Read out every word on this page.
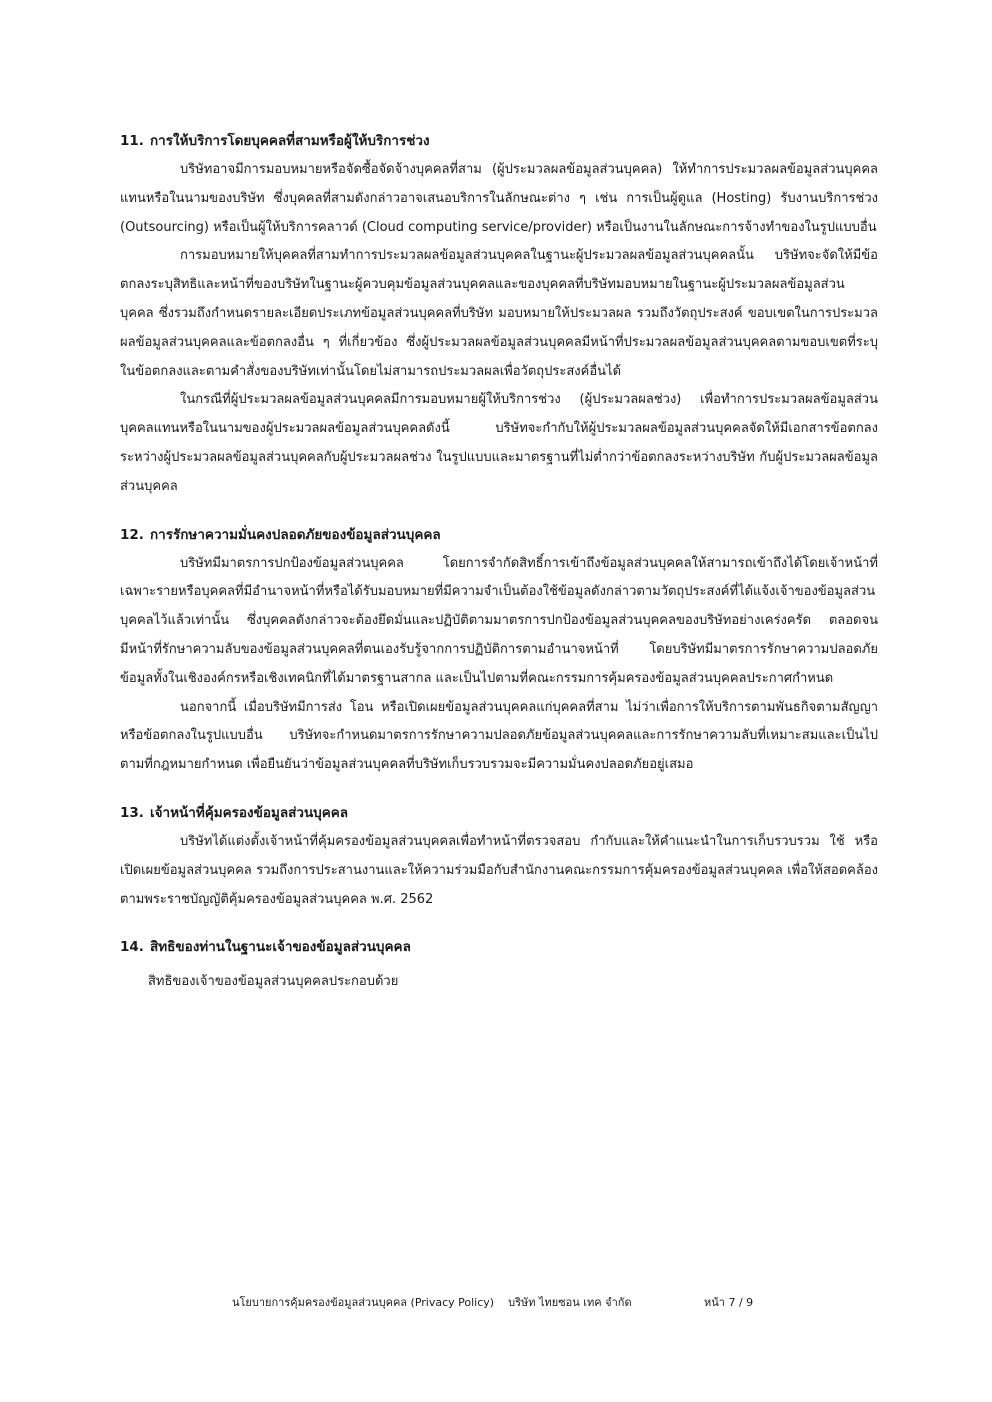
11. การให้บริการโดยบุคคลที่สามหรือผู้ให้บริการช่วง

บริษัทอาจมีการมอบหมายหรือจัดซื้อจัดจ้างบุคคลที่สาม (ผู้ประมวลผลข้อมูลส่วนบุคคล) ให้ทำการประมวลผลข้อมูลส่วนบุคคลแทนหรือในนามของบริษัท ซึ่งบุคคลที่สามดังกล่าวอาจเสนอบริการในลักษณะต่าง ๆ เช่น การเป็นผู้ดูแล (Hosting) รับงานบริการช่วง (Outsourcing) หรือเป็นผู้ให้บริการคลาวด์ (Cloud computing service/provider) หรือเป็นงานในลักษณะการจ้างทำของในรูปแบบอื่น

การมอบหมายให้บุคคลที่สามทำการประมวลผลข้อมูลส่วนบุคคลในฐานะผู้ประมวลผลข้อมูลส่วนบุคคลนั้น บริษัทจะจัดให้มีข้อตกลงระบุสิทธิและหน้าที่ของบริษัทในฐานะผู้ควบคุมข้อมูลส่วนบุคคลและของบุคคลที่บริษัทมอบหมายในฐานะผู้ประมวลผลข้อมูลส่วนบุคคล ซึ่งรวมถึงกำหนดรายละเอียดประเภทข้อมูลส่วนบุคคลที่บริษัท มอบหมายให้ประมวลผล รวมถึงวัตถุประสงค์ ขอบเขตในการประมวลผลข้อมูลส่วนบุคคลและข้อตกลงอื่น ๆ ที่เกี่ยวข้อง ซึ่งผู้ประมวลผลข้อมูลส่วนบุคคลมีหน้าที่ประมวลผลข้อมูลส่วนบุคคลตามขอบเขตที่ระบุในข้อตกลงและตามคำสั่งของบริษัทเท่านั้นโดยไม่สามารถประมวลผลเพื่อวัตถุประสงค์อื่นได้

ในกรณีที่ผู้ประมวลผลข้อมูลส่วนบุคคลมีการมอบหมายผู้ให้บริการช่วง (ผู้ประมวลผลช่วง) เพื่อทำการประมวลผลข้อมูลส่วนบุคคลแทนหรือในนามของผู้ประมวลผลข้อมูลส่วนบุคคลดังนี้ บริษัทจะกำกับให้ผู้ประมวลผลข้อมูลส่วนบุคคลจัดให้มีเอกสารข้อตกลงระหว่างผู้ประมวลผลข้อมูลส่วนบุคคลกับผู้ประมวลผลช่วง ในรูปแบบและมาตรฐานที่ไม่ต่ำกว่าข้อตกลงระหว่างบริษัท กับผู้ประมวลผลข้อมูลส่วนบุคคล

12. การรักษาความมั่นคงปลอดภัยของข้อมูลส่วนบุคคล

บริษัทมีมาตรการปกป้องข้อมูลส่วนบุคคล โดยการจำกัดสิทธิ์การเข้าถึงข้อมูลส่วนบุคคลให้สามารถเข้าถึงได้โดยเจ้าหน้าที่เฉพาะรายหรือบุคคลที่มีอำนาจหน้าที่หรือได้รับมอบหมายที่มีความจำเป็นต้องใช้ข้อมูลดังกล่าวตามวัตถุประสงค์ที่ได้แจ้งเจ้าของข้อมูลส่วนบุคคลไว้แล้วเท่านั้น ซึ่งบุคคลดังกล่าวจะต้องยึดมั่นและปฏิบัติตามมาตรการปกป้องข้อมูลส่วนบุคคลของบริษัทอย่างเคร่งครัด ตลอดจนมีหน้าที่รักษาความลับของข้อมูลส่วนบุคคลที่ตนเองรับรู้จากการปฏิบัติการตามอำนาจหน้าที่ โดยบริษัทมีมาตรการรักษาความปลอดภัยข้อมูลทั้งในเชิงองค์กรหรือเชิงเทคนิกที่ได้มาตรฐานสากล และเป็นไปตามที่คณะกรรมการคุ้มครองข้อมูลส่วนบุคคลประกาศกำหนด

นอกจากนี้ เมื่อบริษัทมีการส่ง โอน หรือเปิดเผยข้อมูลส่วนบุคคลแก่บุคคลที่สาม ไม่ว่าเพื่อการให้บริการตามพันธกิจตามสัญญา หรือข้อตกลงในรูปแบบอื่น บริษัทจะกำหนดมาตรการรักษาความปลอดภัยข้อมูลส่วนบุคคลและการรักษาความลับที่เหมาะสมและเป็นไปตามที่กฎหมายกำหนด เพื่อยืนยันว่าข้อมูลส่วนบุคคลที่บริษัทเก็บรวบรวมจะมีความมั่นคงปลอดภัยอยู่เสมอ

13. เจ้าหน้าที่คุ้มครองข้อมูลส่วนบุคคล

บริษัทได้แต่งตั้งเจ้าหน้าที่คุ้มครองข้อมูลส่วนบุคคลเพื่อทำหน้าที่ตรวจสอบ กำกับและให้คำแนะนำในการเก็บรวบรวม ใช้ หรือเปิดเผยข้อมูลส่วนบุคคล รวมถึงการประสานงานและให้ความร่วมมือกับสำนักงานคณะกรรมการคุ้มครองข้อมูลส่วนบุคคล เพื่อให้สอดคล้องตามพระราชบัญญัติคุ้มครองข้อมูลส่วนบุคคล พ.ศ. 2562

14. สิทธิของท่านในฐานะเจ้าของข้อมูลส่วนบุคคล

สิทธิของเจ้าของข้อมูลส่วนบุคคลประกอบด้วย

นโยบายการคุ้มครองข้อมูลส่วนบุคคล (Privacy Policy) บริษัท ไทยซอน เทค จำกัด	หน้า 7 / 9
